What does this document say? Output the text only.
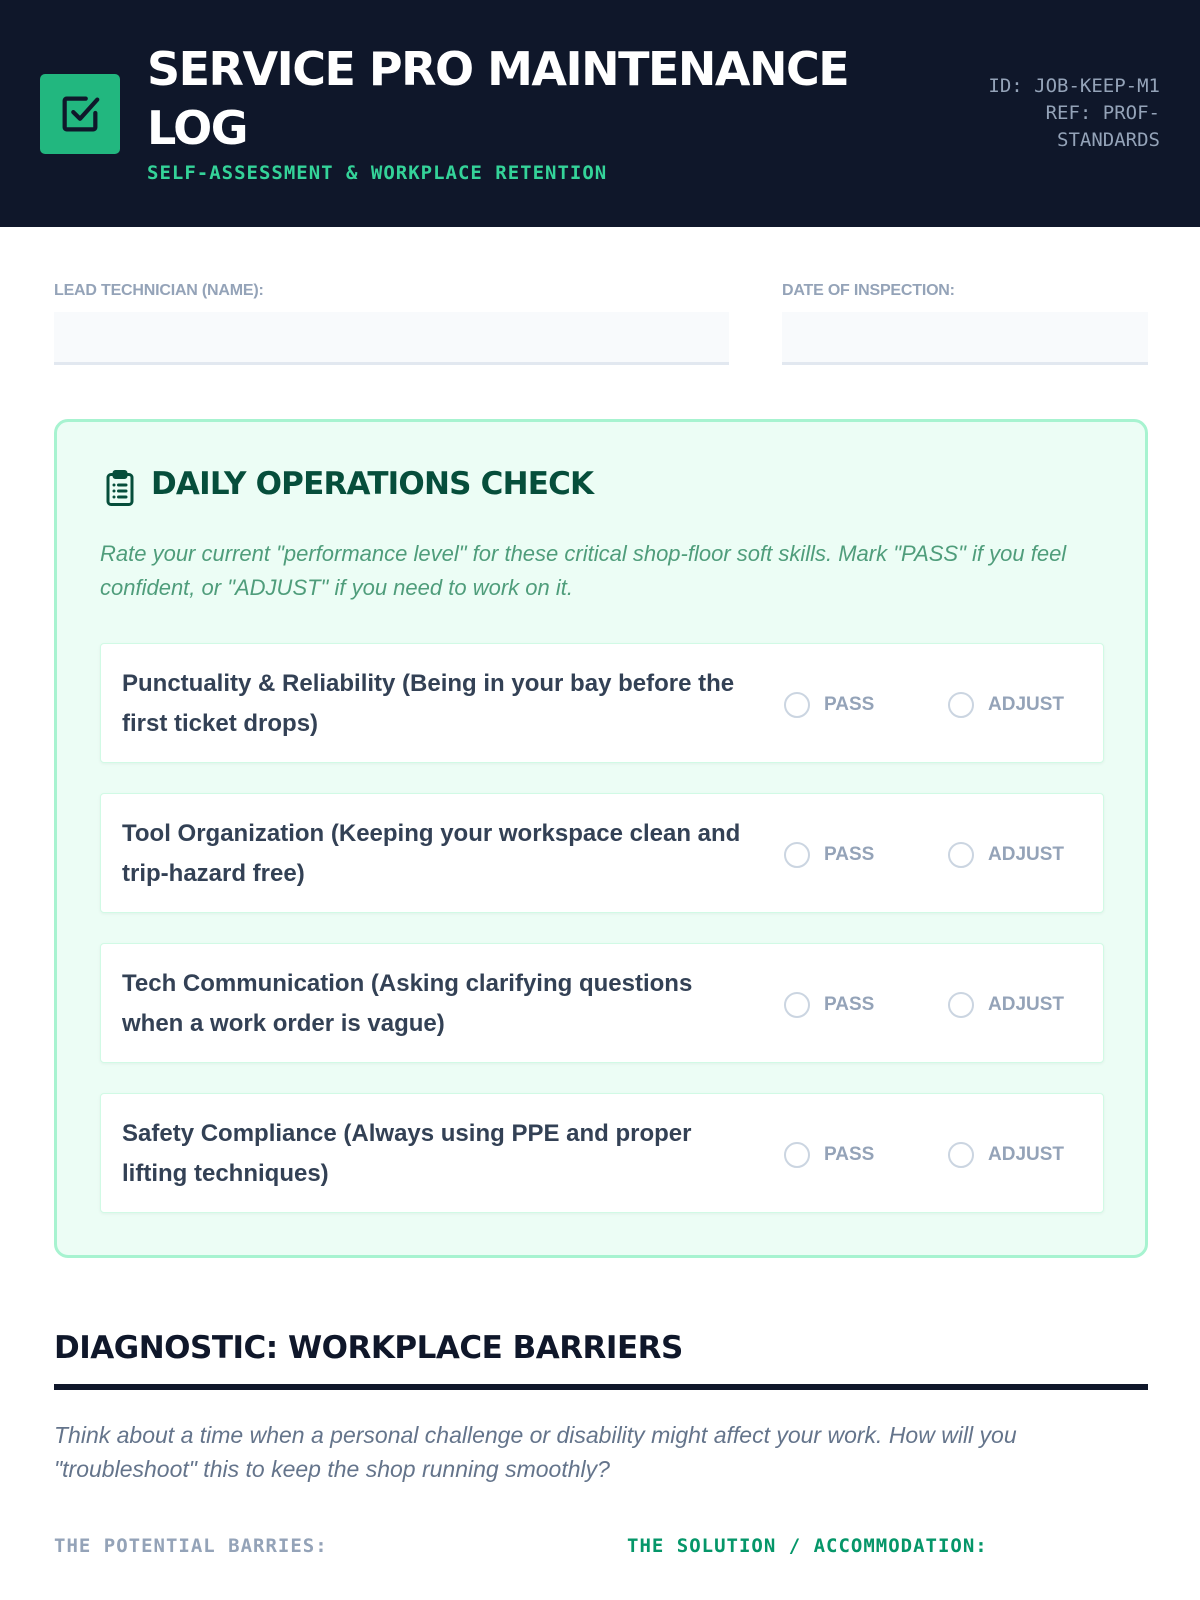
SERVICE PRO MAINTENANCE LOG
SELF-ASSESSMENT & WORKPLACE RETENTION
ID: JOB-KEEP-M1 REF: PROF-STANDARDS
LEAD TECHNICIAN (NAME):	DATE OF INSPECTION:
DAILY OPERATIONS CHECK
Rate your current "performance level" for these critical shop-floor soft skills. Mark "PASS" if you feel confident, or "ADJUST" if you need to work on it.
Punctuality & Reliability (Being in your bay before the first ticket drops)
PASS	ADJUST
Tool Organization (Keeping your workspace clean and trip-hazard free)
PASS	ADJUST
Tech Communication (Asking clarifying questions when a work order is vague)
PASS	ADJUST
Safety Compliance (Always using PPE and proper lifting techniques)
PASS	ADJUST
DIAGNOSTIC: WORKPLACE BARRIERS
Think about a time when a personal challenge or disability might affect your work. How will you "troubleshoot" this to keep the shop running smoothly?
THE POTENTIAL BARRIES:	THE SOLUTION / ACCOMMODATION:
